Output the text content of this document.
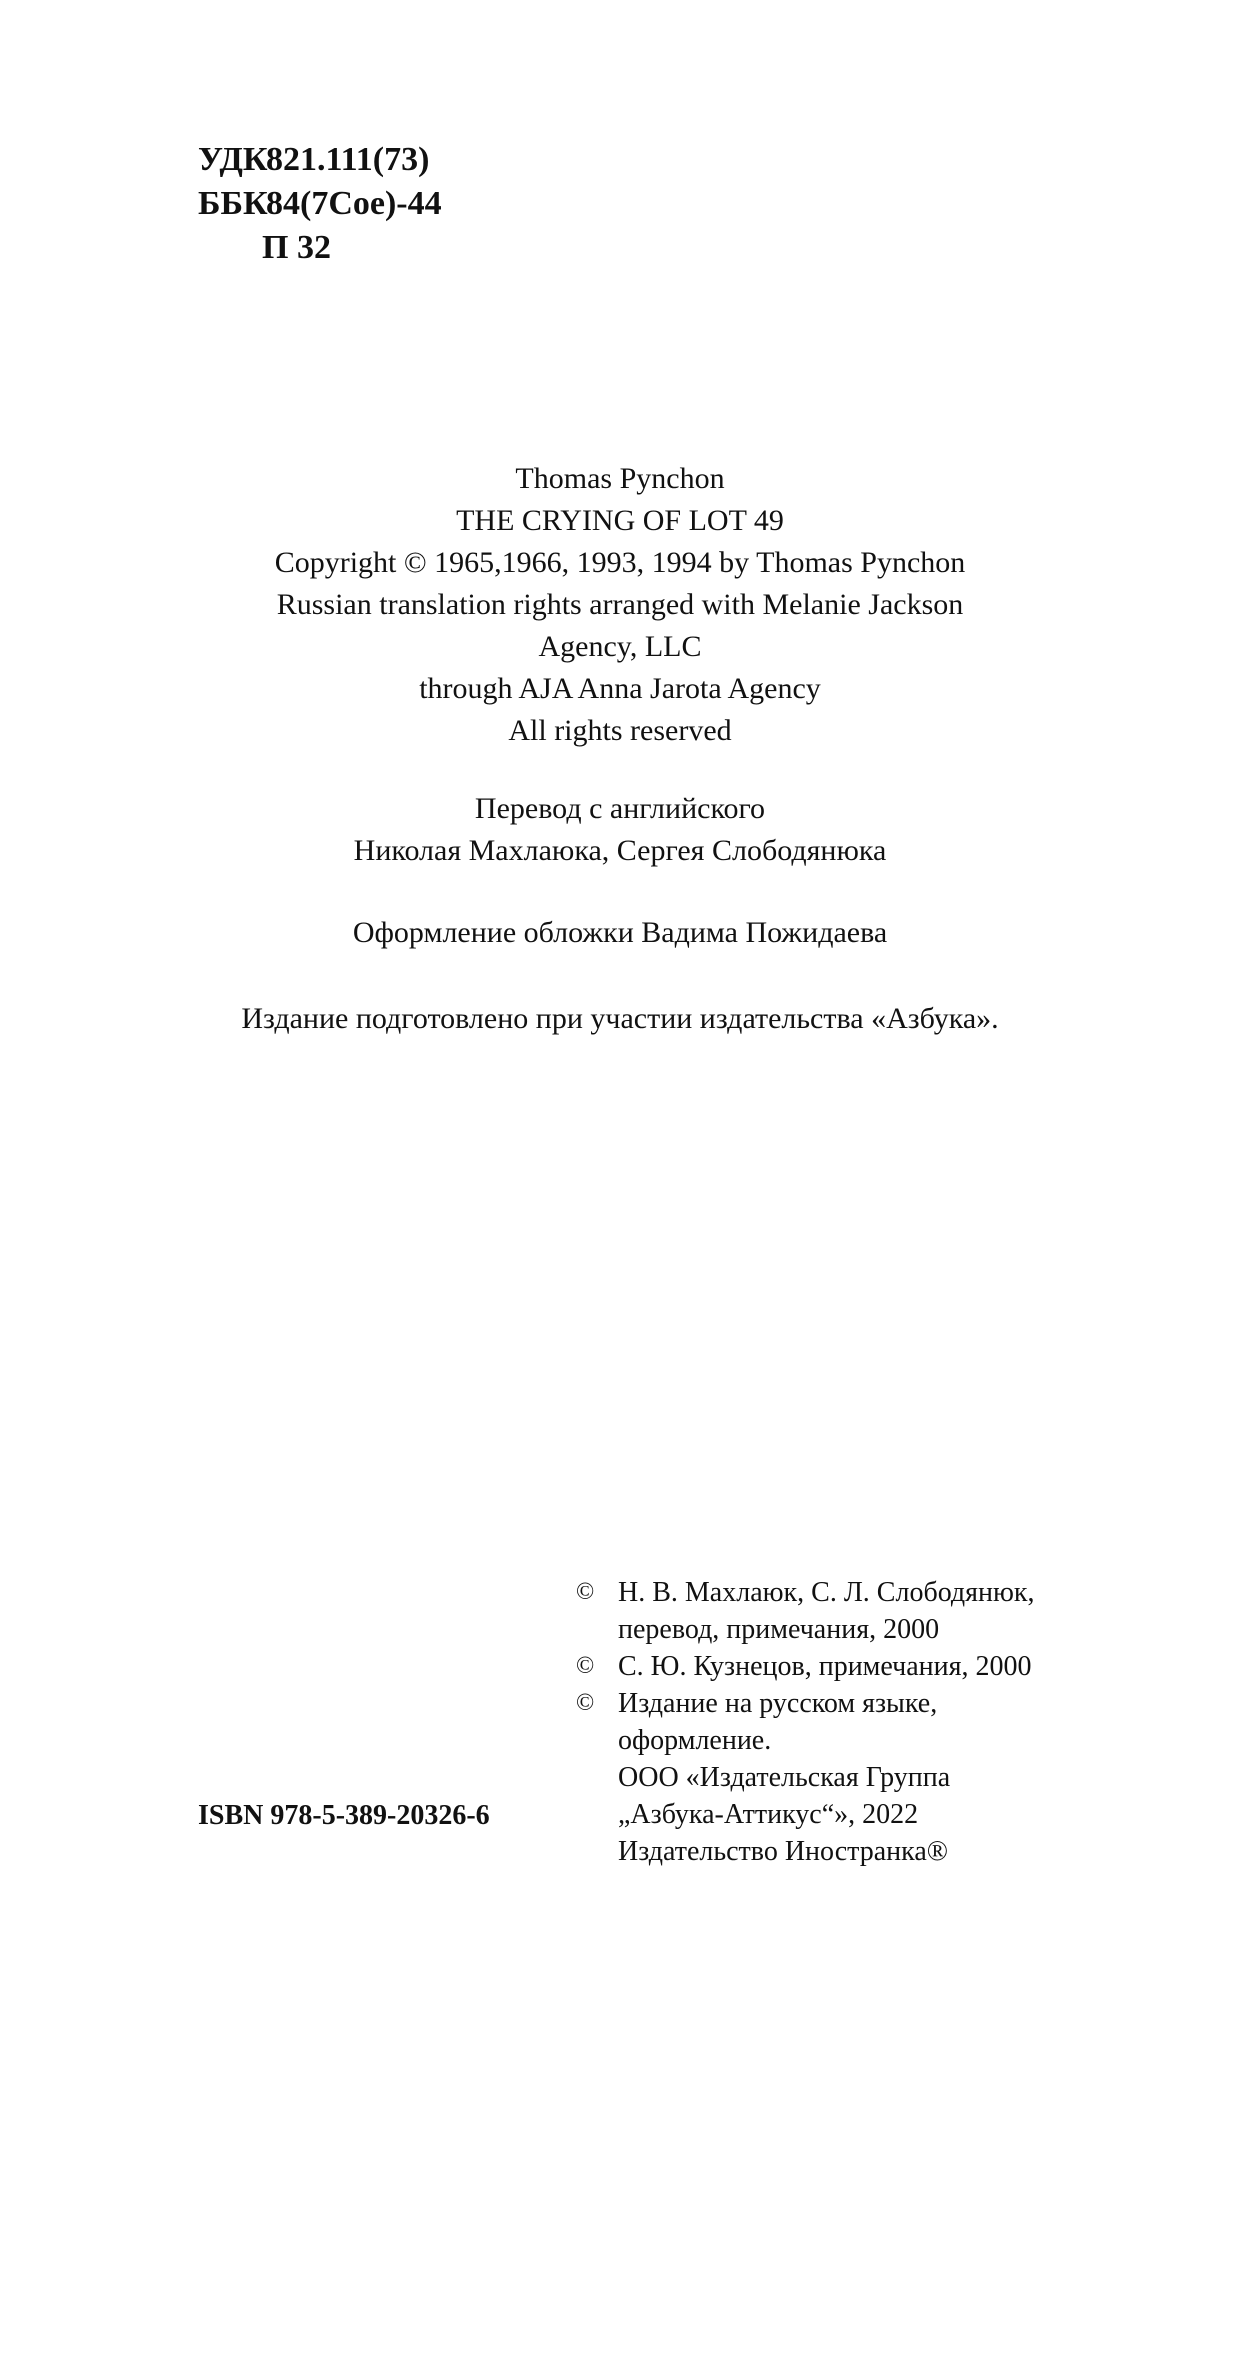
УДК821.111(73)
ББК84(7Сое)-44
П 32
Thomas Pynchon
THE CRYING OF LOT 49
Copyright © 1965,1966, 1993, 1994 by Thomas Pynchon
Russian translation rights arranged with Melanie Jackson
Agency, LLC
through AJA Anna Jarota Agency
All rights reserved
Перевод с английского
Николая Махлаюка, Сергея Слободянюка
Оформление обложки Вадима Пожидаева
Издание подготовлено при участии издательства «Азбука».
© Н. В. Махлаюк, С. Л. Слободянюк,
перевод, примечания, 2000
© С. Ю. Кузнецов, примечания, 2000
© Издание на русском языке,
оформление.
ООО «Издательская Группа
„Азбука-Аттикус“», 2022
Издательство Иностранка®
ISBN 978-5-389-20326-6
